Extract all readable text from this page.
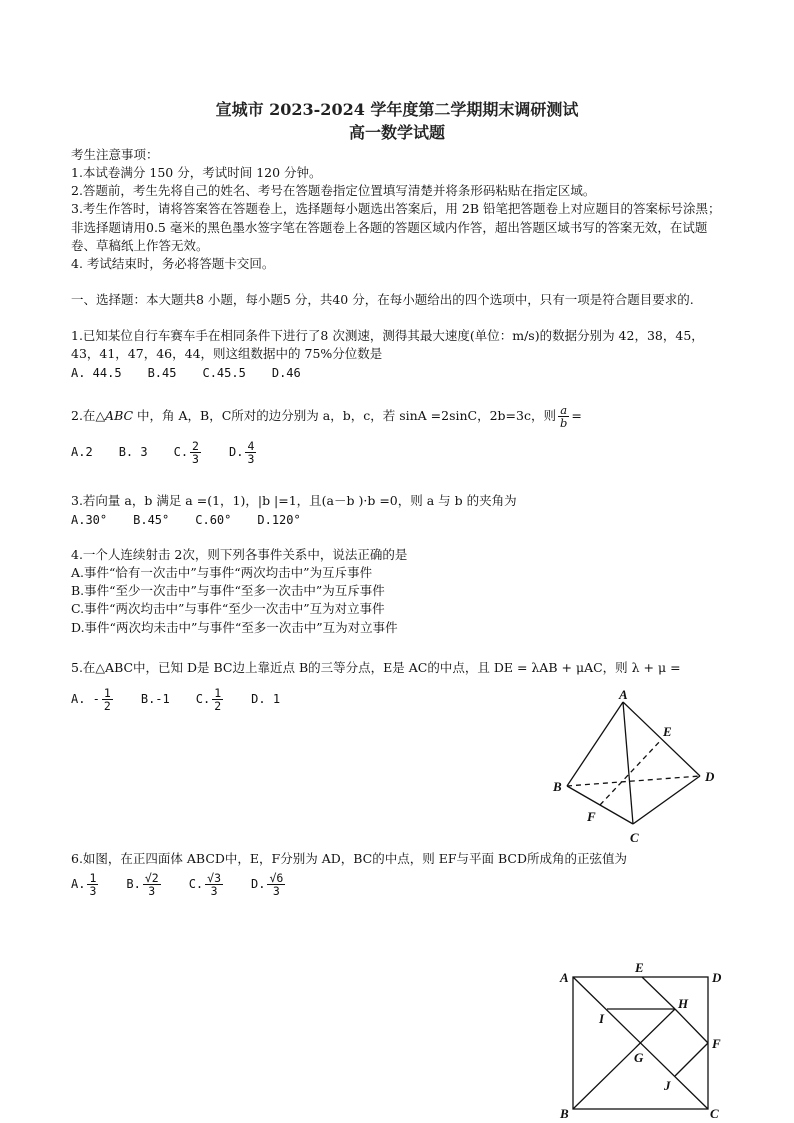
宣城市 2023-2024 学年度第二学期期末调研测试
高一数学试题
考生注意事项：
1.本试卷满分 150 分，考试时间 120 分钟。
2.答题前，考生先将自己的姓名、考号在答题卷指定位置填写清楚并将条形码粘贴在指定区域。
3.考生作答时，请将答案答在答题卷上，选择题每小题选出答案后，用 2B 铅笔把答题卷上对应题目的答案标号涂黑；非选择题请用0.5 毫米的黑色墨水签字笔在答题卷上各题的答题区域内作答，超出答题区域书写的答案无效，在试题卷、草稿纸上作答无效。
4. 考试结束时，务必将答题卡交回。
一、选择题：本大题共8 小题，每小题5 分，共40 分，在每小题给出的四个选项中，只有一项是符合题目要求的.
1.已知某位自行车赛车手在相同条件下进行了8 次测速，测得其最大速度(单位：m/s)的数据分别为 42，38，45，43，41，47，46，44，则这组数据中的 75%分位数是
A. 44.5 B.45 C.45.5 D.46
2.在△ABC 中，角 A，B，C所对的边分别为 a，b，c，若 sinA =2sinC，2b=3c，则 $\frac{a}{b}$ =
A.2 B. 3 C. $\frac{2}{3} D$. $\frac{4}{3}$
3.若向量 a，b 满足 a =(1，1)，|b |=1，且(a－b )·b =0，则 a 与 b 的夹角为
A.30° B.45° C.60° D.120°
4.一个人连续射击 2次，则下列各事件关系中，说法正确的是
A.事件“恰有一次击中”与事件“两次均击中”为互斥事件
B.事件“至少一次击中”与事件“至多一次击中”为互斥事件
C.事件“两次均击中”与事件“至少一次击中”互为对立事件
D.事件“两次均未击中”与事件“至多一次击中”互为对立事件
5.在△ABC中，已知 D是 BC边上靠近点 B的三等分点，E是 AC的中点，且 DE = λAB + μAC，则 λ + μ =
A. - $\frac{1}{2} B.-1$ C. $\frac{1}{2} D$. 1	A
B
C
D
E
F
6.如图，在正四面体 ABCD中，E，F分别为 AD，BC的中点，则 EF与平面 BCD所成角的正弦值为
A. $\frac{1}{3} B$. $\frac{√2}{3} C$. $\frac{√3}{3} D$. $\frac{√6}{3}$
A
B	C
D
E
F
G
H
I
J
